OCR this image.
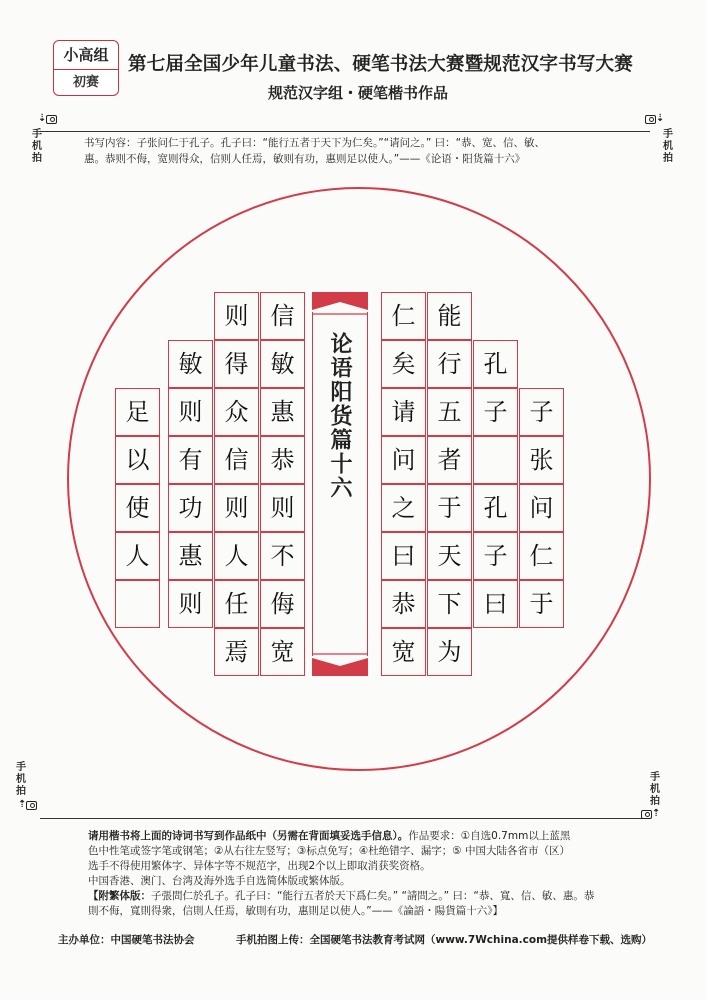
小高组
初赛
第七届全国少年儿童书法、硬笔书法大赛暨规范汉字书写大赛
规范汉字组・硬笔楷书作品
⇣
手机拍
⇣
手机拍
书写内容：子张问仁于孔子。孔子曰：“能行五者于天下为仁矣。”“请问之。” 曰：“恭、宽、信、敏、
惠。恭则不侮，宽则得众，信则人任焉，敏则有功，惠则足以使人。”——《论语・阳货篇十六》
论语阳货篇十六	子
张
问
仁
于
孔
子
孔
子
曰
能
行
五
者
于
天
下
为
仁
矣
请
问
之
曰
恭
宽
信
敏
惠
恭
则
不
侮
宽
则
得
众
信
则
人
任
焉
敏
则
有
功
惠
则
足
以
使
人
手机拍
⇡
手机拍
⇡
请用楷书将上面的诗词书写到作品纸中（另需在背面填妥选手信息）。作品要求：①自选0.7mm以上蓝黑
色中性笔或签字笔或钢笔；②从右往左竖写；③标点免写；④杜绝错字、漏字；⑤ 中国大陆各省市（区）
选手不得使用繁体字、异体字等不规范字，出现2个以上即取消获奖资格。
中国香港、澳门、台湾及海外选手自选简体版或繁体版。
【附繁体版：子張問仁於孔子。孔子曰：“能行五者於天下爲仁矣。” “請問之。” 曰：“恭、寬、信、敏、惠。恭
則不侮，寬則得衆，信則人任焉，敏則有功，惠則足以使人。”——《論語・陽貨篇十六》】
主办单位：中国硬笔书法协会	手机拍图上传：全国硬笔书法教育考试网（www.7Wchina.com提供样卷下载、选购）
